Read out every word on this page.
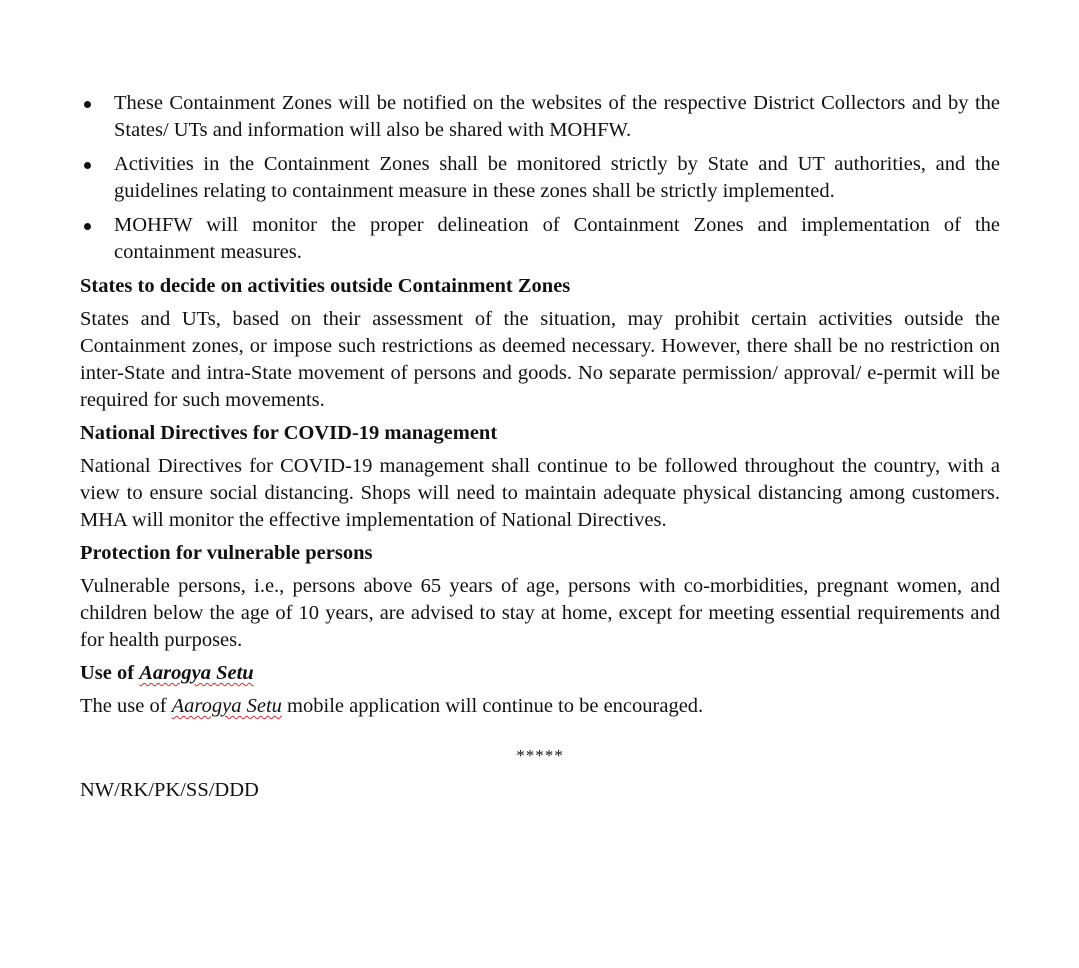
These Containment Zones will be notified on the websites of the respective District Collectors and by the States/ UTs and information will also be shared with MOHFW.
Activities in the Containment Zones shall be monitored strictly by State and UT authorities, and the guidelines relating to containment measure in these zones shall be strictly implemented.
MOHFW will monitor the proper delineation of Containment Zones and implementation of the containment measures.
States to decide on activities outside Containment Zones
States and UTs, based on their assessment of the situation, may prohibit certain activities outside the Containment zones, or impose such restrictions as deemed necessary. However, there shall be no restriction on inter-State and intra-State movement of persons and goods. No separate permission/ approval/ e-permit will be required for such movements.
National Directives for COVID-19 management
National Directives for COVID-19 management shall continue to be followed throughout the country, with a view to ensure social distancing. Shops will need to maintain adequate physical distancing among customers. MHA will monitor the effective implementation of National Directives.
Protection for vulnerable persons
Vulnerable persons, i.e., persons above 65 years of age, persons with co-morbidities, pregnant women, and children below the age of 10 years, are advised to stay at home, except for meeting essential requirements and for health purposes.
Use of Aarogya Setu
The use of Aarogya Setu mobile application will continue to be encouraged.
*****
NW/RK/PK/SS/DDD
